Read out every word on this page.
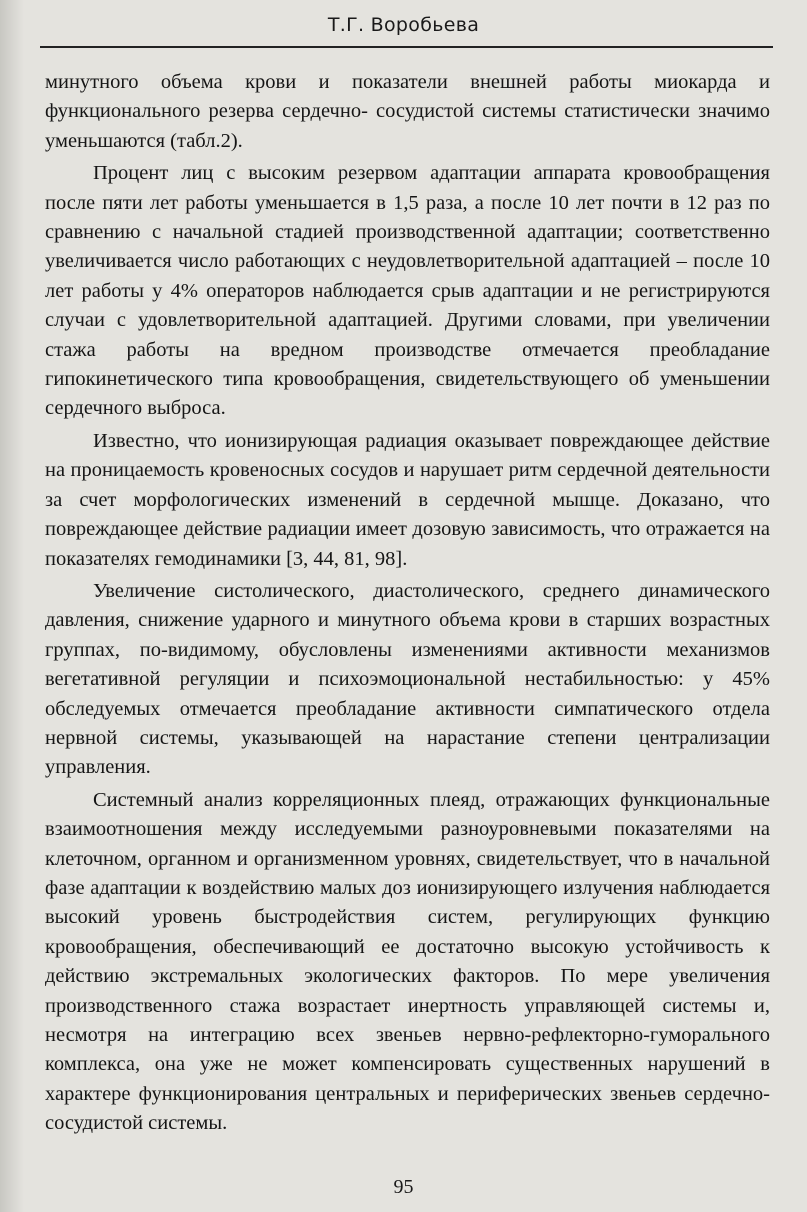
Т.Г. Воробьева

минутного объема крови и показатели внешней работы миокарда и функционального резерва сердечно- сосудистой системы статистически значимо уменьшаются (табл.2).

Процент лиц с высоким резервом адаптации аппарата кровообращения после пяти лет работы уменьшается в 1,5 раза, а после 10 лет почти в 12 раз по сравнению с начальной стадией производственной адаптации; соответственно увеличивается число работающих с неудовлетворительной адаптацией – после 10 лет работы у 4% операторов наблюдается срыв адаптации и не регистрируются случаи с удовлетворительной адаптацией. Другими словами, при увеличении стажа работы на вредном производстве отмечается преобладание гипокинетического типа кровообращения, свидетельствующего об уменьшении сердечного выброса.

Известно, что ионизирующая радиация оказывает повреждающее действие на проницаемость кровеносных сосудов и нарушает ритм сердечной деятельности за счет морфологических изменений в сердечной мышце. Доказано, что повреждающее действие радиации имеет дозовую зависимость, что отражается на показателях гемодинамики [3, 44, 81, 98].

Увеличение систолического, диастолического, среднего динамического давления, снижение ударного и минутного объема крови в старших возрастных группах, по-видимому, обусловлены изменениями активности механизмов вегетативной регуляции и психоэмоциональной нестабильностью: у 45% обследуемых отмечается преобладание активности симпатического отдела нервной системы, указывающей на нарастание степени централизации управления.

Системный анализ корреляционных плеяд, отражающих функциональные взаимоотношения между исследуемыми разноуровневыми показателями на клеточном, органном и организменном уровнях, свидетельствует, что в начальной фазе адаптации к воздействию малых доз ионизирующего излучения наблюдается высокий уровень быстродействия систем, регулирующих функцию кровообращения, обеспечивающий ее достаточно высокую устойчивость к действию экстремальных экологических факторов. По мере увеличения производственного стажа возрастает инертность управляющей системы и, несмотря на интеграцию всех звеньев нервно-рефлекторно-гуморального комплекса, она уже не может компенсировать существенных нарушений в характере функционирования центральных и периферических звеньев сердечнососудистой системы.

95
